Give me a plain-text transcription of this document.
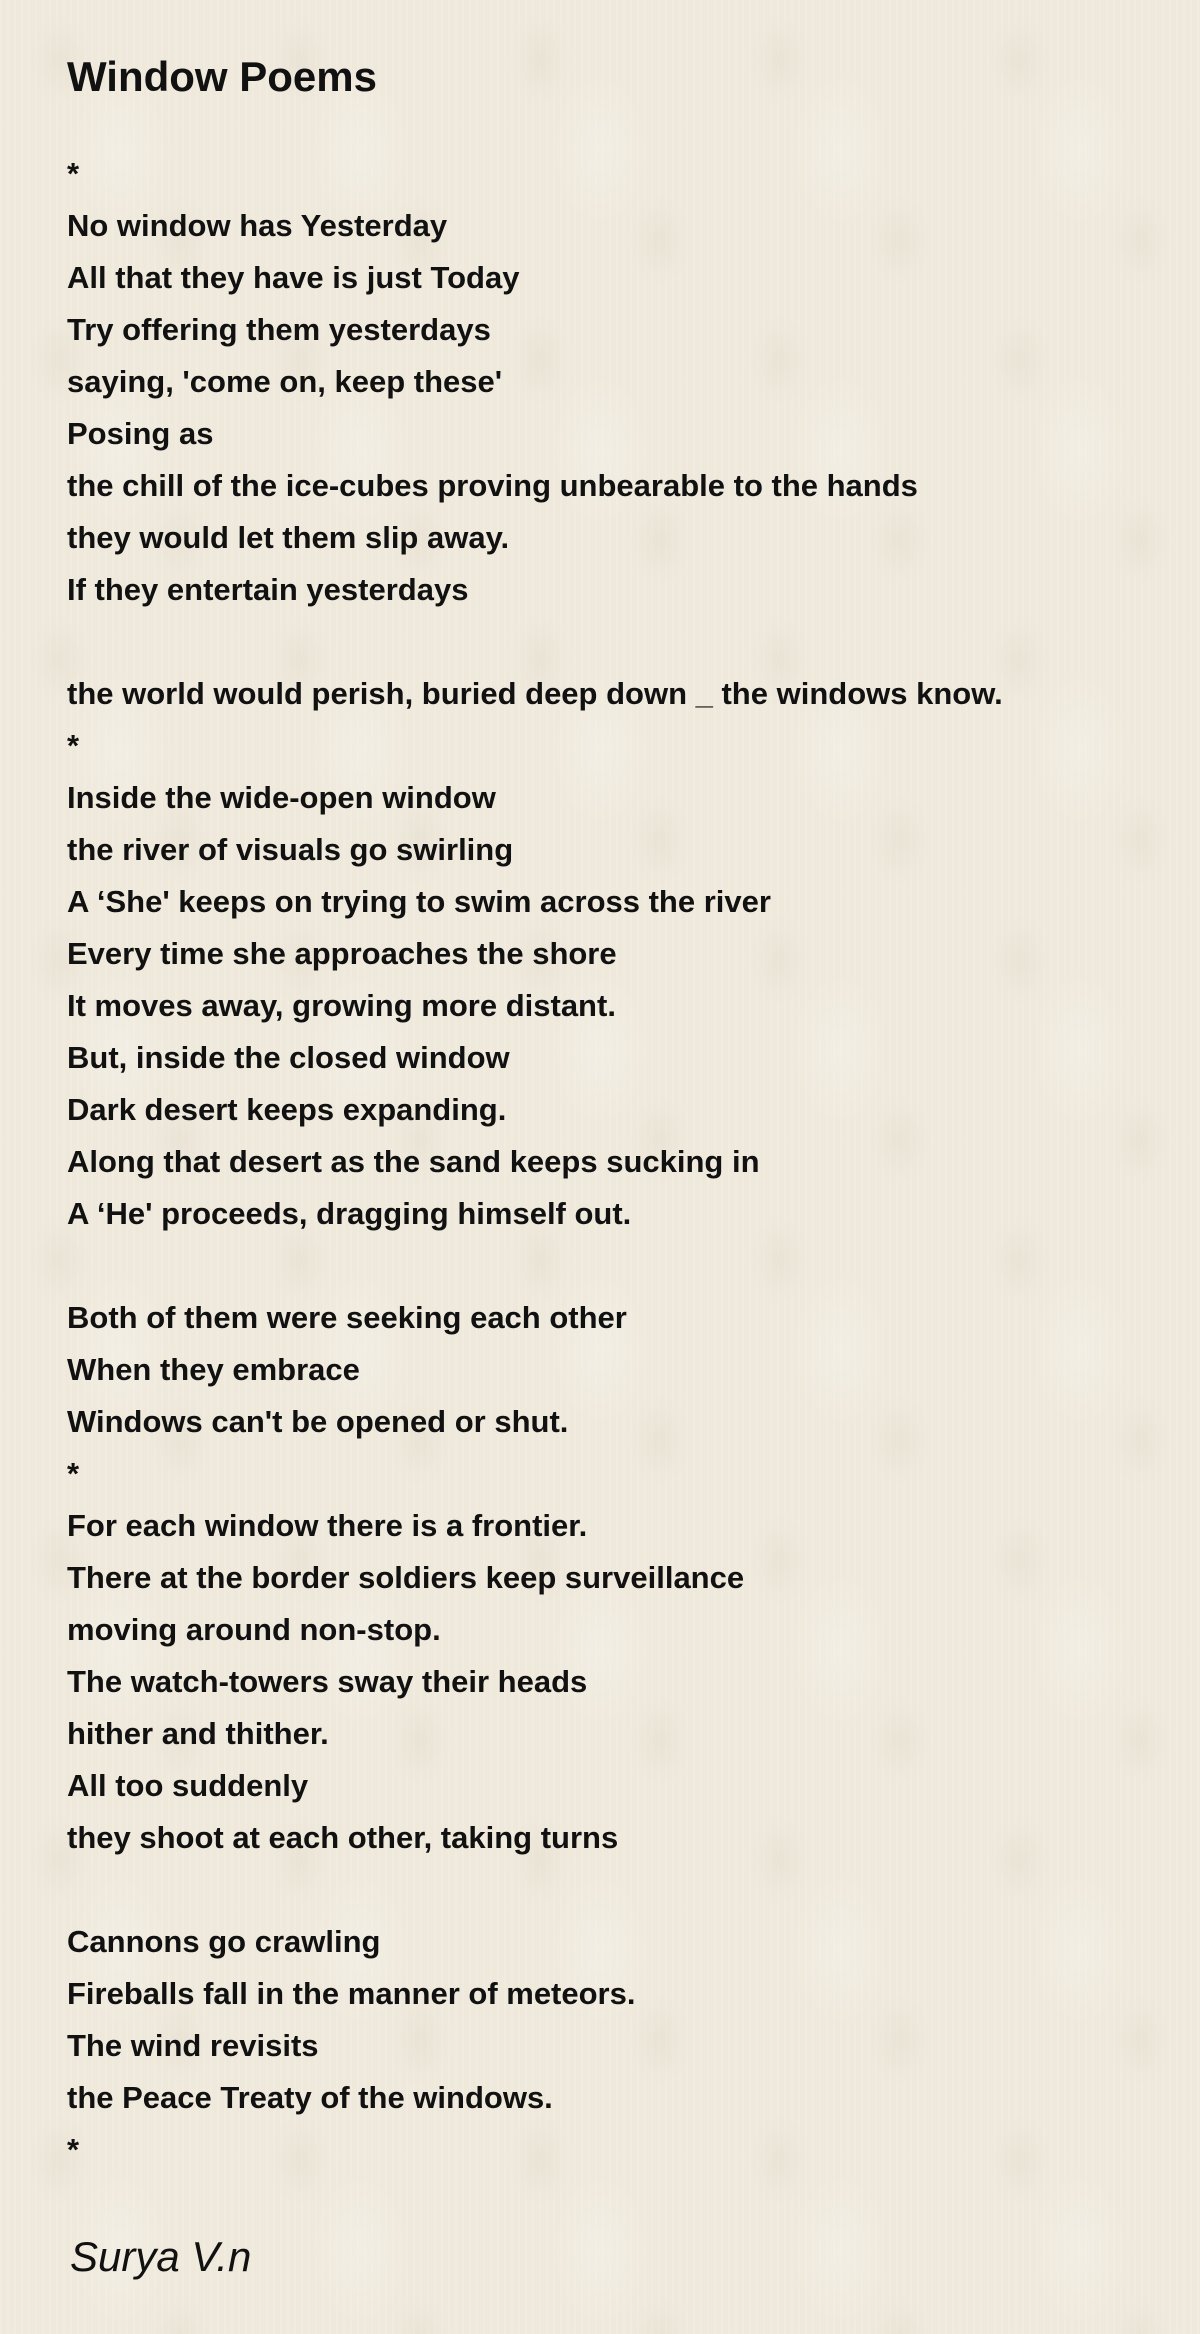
Window Poems
*
No window has Yesterday
All that they have is just Today
Try offering them yesterdays
saying, 'come on, keep these'
Posing as
the chill of the ice-cubes proving unbearable to the hands
they would let them slip away.
If they entertain yesterdays
the world would perish, buried deep down _ the windows know.
*
Inside the wide-open window
the river of visuals go swirling
A ‘She' keeps on trying to swim across the river
Every time she approaches the shore
It moves away, growing more distant.
But, inside the closed window
Dark desert keeps expanding.
Along that desert as the sand keeps sucking in
A ‘He' proceeds, dragging himself out.
Both of them were seeking each other
When they embrace
Windows can't be opened or shut.
*
For each window there is a frontier.
There at the border soldiers keep surveillance
moving around non-stop.
The watch-towers sway their heads
hither and thither.
All too suddenly
they shoot at each other, taking turns
Cannons go crawling
Fireballs fall in the manner of meteors.
The wind revisits
the Peace Treaty of the windows.
*
Surya V.n
